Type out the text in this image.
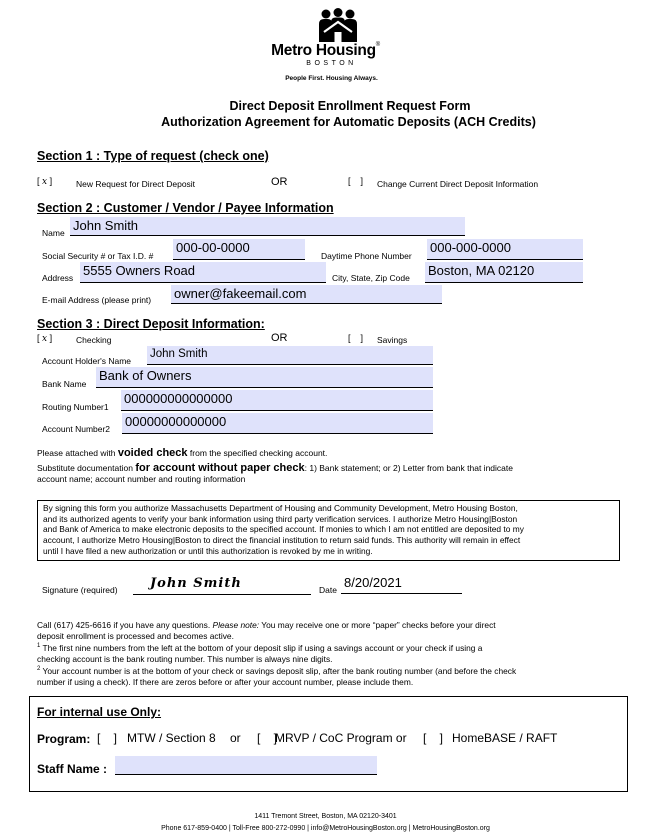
Metro Housing®
BOSTON
People First. Housing Always.
Direct Deposit Enrollment Request Form
Authorization Agreement for Automatic Deposits (ACH Credits)
Section 1 : Type of request (check one)
[ x ]	New Request for Direct Deposit	OR	[    ] Change Current Direct Deposit Information
Section 2 : Customer / Vendor / Payee Information
Name John Smith
Social Security # or Tax I.D. #
000-00-0000
Daytime Phone Number
000-000-0000
Address 5555 Owners Road	City, State, Zip Code Boston, MA 02120
E-mail Address (please print) owner@fakeemail.com
Section 3 : Direct Deposit Information:
[ x ]	Checking	OR	[    ] Savings
Account Holder's Name
John Smith
Bank Name
Bank of Owners
Routing Number1
000000000000000
Account Number2 00000000000000
Please attached with voided check from the specified checking account.
Substitute documentation for account without paper check: 1) Bank statement; or 2) Letter from bank that indicate
account name; account number and routing information
By signing this form you authorize Massachusetts Department of Housing and Community Development, Metro Housing Boston,
and its authorized agents to verify your bank information using third party verification services. I authorize Metro Housing|Boston
and Bank of America to make electronic deposits to the specified account. If monies to which I am not entitled are deposited to my
account, I authorize Metro Housing|Boston to direct the financial institution to return said funds. This authority will remain in effect
until I have filed a new authorization or until this authorization is revoked by me in writing.
Signature (required) John Smith	Date 8/20/2021
Call (617) 425-6616 if you have any questions. Please note: You may receive one or more “paper” checks before your direct
deposit enrollment is processed and becomes active.
$^1$ The first nine numbers from the left at the bottom of your deposit slip if using a savings account or your check if using a
checking account is the bank routing number. This number is always nine digits.
$^2$ Your account number is at the bottom of your check or savings deposit slip, after the bank routing number (and before the check
number if using a check). If there are zeros before or after your account number, please include them.
For internal use Only:
Program: [    ] MTW / Section 8 or [    ]
MRVP / CoC Program or [    ] HomeBASE / RAFT
Staff Name :
1411 Tremont Street, Boston, MA 02120-3401
Phone 617-859-0400 | Toll-Free 800-272-0990 | info@MetroHousingBoston.org | MetroHousingBoston.org
